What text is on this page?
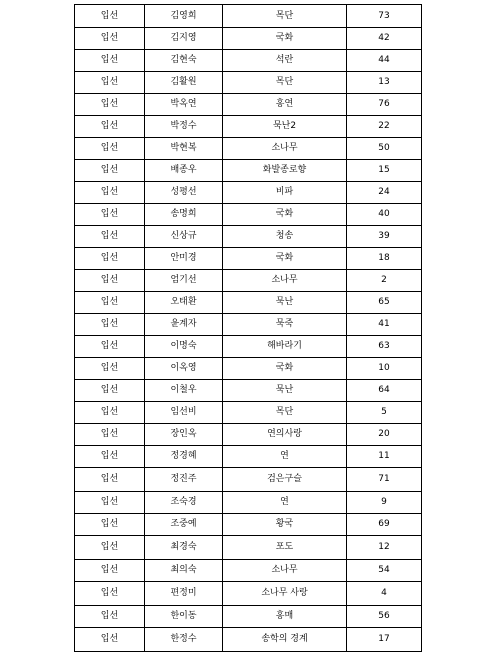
입선	김영희	목단	73
입선	김지영	국화	42
입선	김현숙	석란	44
입선	김활원	목단	13
입선	박옥연	홍연	76
입선	박정수	묵난2	22
입선	박현복	소나무	50
입선	배종우	화발종로향	15
입선	성평선	비파	24
입선	송명희	국화	40
입선	신상규	청송	39
입선	안미경	국화	18
입선	엄기선	소나무	2
입선	오태환	묵난	65
입선	윤계자	묵죽	41
입선	이명숙	해바라기	63
입선	이옥영	국화	10
입선	이철우	묵난	64
입선	임선비	목단	5
입선	장인옥	연의사랑	20
입선	정경혜	연	11
입선	정진주	검은구슬	71
입선	조숙경	연	9
입선	조중예	황국	69
입선	최경숙	포도	12
입선	최의숙	소나무	54
입선	편정미	소나무 사랑	4
입선	한이동	홍매	56
입선	한정수	송학의 경계	17
